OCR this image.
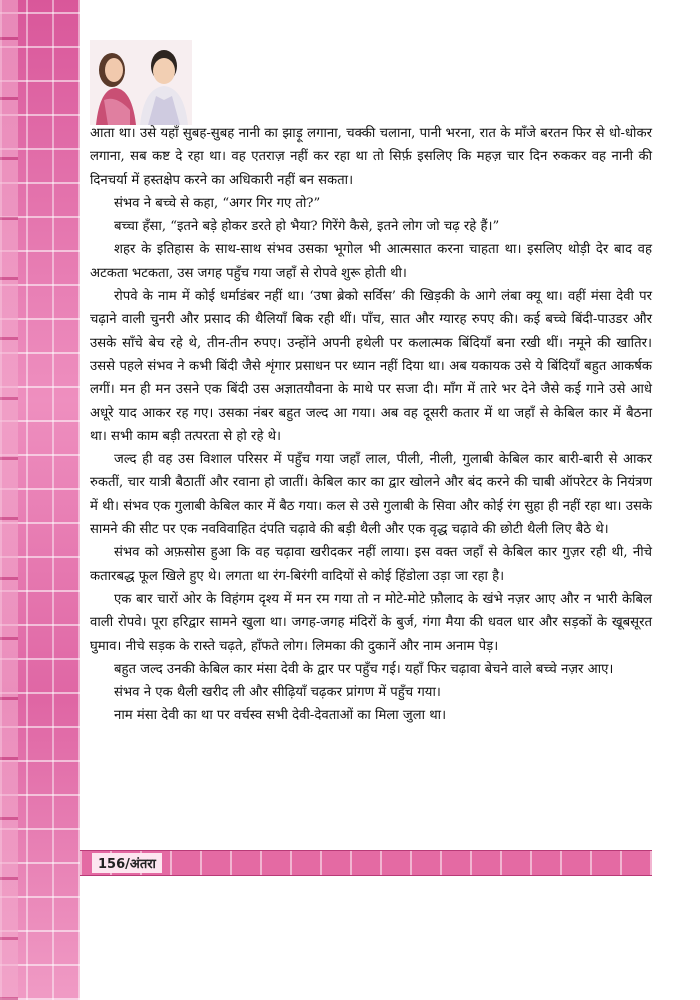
आता था। उसे यहाँ सुबह-सुबह नानी का झाड़ू लगाना, चक्की चलाना, पानी भरना, रात के माँजे बरतन फिर से धो-धोकर लगाना, सब कष्ट दे रहा था। वह एतराज़ नहीं कर रहा था तो सिर्फ़ इसलिए कि महज़ चार दिन रुककर वह नानी की दिनचर्या में हस्तक्षेप करने का अधिकारी नहीं बन सकता।

संभव ने बच्चे से कहा, “अगर गिर गए तो?”

बच्चा हँसा, “इतने बड़े होकर डरते हो भैया? गिरेंगे कैसे, इतने लोग जो चढ़ रहे हैं।”

शहर के इतिहास के साथ-साथ संभव उसका भूगोल भी आत्मसात करना चाहता था। इसलिए थोड़ी देर बाद वह अटकता भटकता, उस जगह पहुँच गया जहाँ से रोपवे शुरू होती थी।

रोपवे के नाम में कोई धर्माडंबर नहीं था। ‘उषा ब्रेको सर्विस’ की खिड़की के आगे लंबा क्यू था। वहीं मंसा देवी पर चढ़ाने वाली चुनरी और प्रसाद की थैलियाँ बिक रही थीं। पाँच, सात और ग्यारह रुपए की। कई बच्चे बिंदी-पाउडर और उसके साँचे बेच रहे थे, तीन-तीन रुपए। उन्होंने अपनी हथेली पर कलात्मक बिंदियाँ बना रखी थीं। नमूने की खातिर। उससे पहले संभव ने कभी बिंदी जैसे शृंगार प्रसाधन पर ध्यान नहीं दिया था। अब यकायक उसे ये बिंदियाँ बहुत आकर्षक लगीं। मन ही मन उसने एक बिंदी उस अज्ञातयौवना के माथे पर सजा दी। माँग में तारे भर देने जैसे कई गाने उसे आधे अधूरे याद आकर रह गए। उसका नंबर बहुत जल्द आ गया। अब वह दूसरी कतार में था जहाँ से केबिल कार में बैठना था। सभी काम बड़ी तत्परता से हो रहे थे।

जल्द ही वह उस विशाल परिसर में पहुँच गया जहाँ लाल, पीली, नीली, गुलाबी केबिल कार बारी-बारी से आकर रुकतीं, चार यात्री बैठातीं और रवाना हो जातीं। केबिल कार का द्वार खोलने और बंद करने की चाबी ऑपरेटर के नियंत्रण में थी। संभव एक गुलाबी केबिल कार में बैठ गया। कल से उसे गुलाबी के सिवा और कोई रंग सुहा ही नहीं रहा था। उसके सामने की सीट पर एक नवविवाहित दंपति चढ़ावे की बड़ी थैली और एक वृद्ध चढ़ावे की छोटी थैली लिए बैठे थे।

संभव को अफ़सोस हुआ कि वह चढ़ावा खरीदकर नहीं लाया। इस वक्त जहाँ से केबिल कार गुज़र रही थी, नीचे कतारबद्ध फूल खिले हुए थे। लगता था रंग-बिरंगी वादियों से कोई हिंडोला उड़ा जा रहा है।

एक बार चारों ओर के विहंगम दृश्य में मन रम गया तो न मोटे-मोटे फ़ौलाद के खंभे नज़र आए और न भारी केबिल वाली रोपवे। पूरा हरिद्वार सामने खुला था। जगह-जगह मंदिरों के बुर्ज, गंगा मैया की धवल धार और सड़कों के खूबसूरत घुमाव। नीचे सड़क के रास्ते चढ़ते, हाँफते लोग। लिमका की दुकानें और नाम अनाम पेड़।

बहुत जल्द उनकी केबिल कार मंसा देवी के द्वार पर पहुँच गई। यहाँ फिर चढ़ावा बेचने वाले बच्चे नज़र आए।

संभव ने एक थैली खरीद ली और सीढ़ियाँ चढ़कर प्रांगण में पहुँच गया।

नाम मंसा देवी का था पर वर्चस्व सभी देवी-देवताओं का मिला जुला था।

156/अंतरा
